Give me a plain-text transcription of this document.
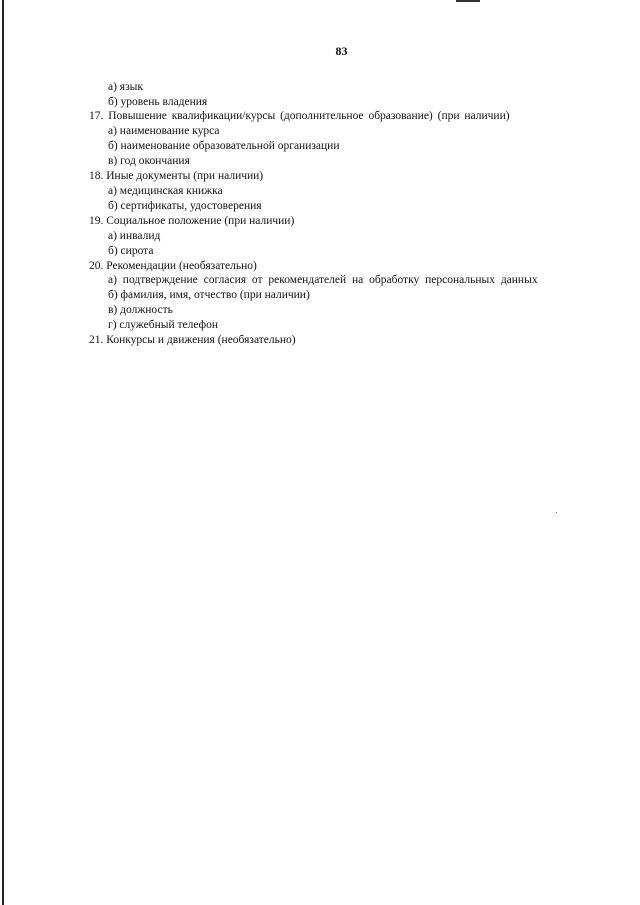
83
а) язык
б) уровень владения
17. Повышение квалификации/курсы (дополнительное образование) (при наличии)
а) наименование курса
б) наименование образовательной организации
в) год окончания
18. Иные документы (при наличии)
а) медицинская книжка
б) сертификаты, удостоверения
19. Социальное положение (при наличии)
а) инвалид
б) сирота
20. Рекомендации (необязательно)
а) подтверждение согласия от рекомендателей на обработку персональных данных
б) фамилия, имя, отчество (при наличии)
в) должность
г) служебный телефон
21. Конкурсы и движения (необязательно)
